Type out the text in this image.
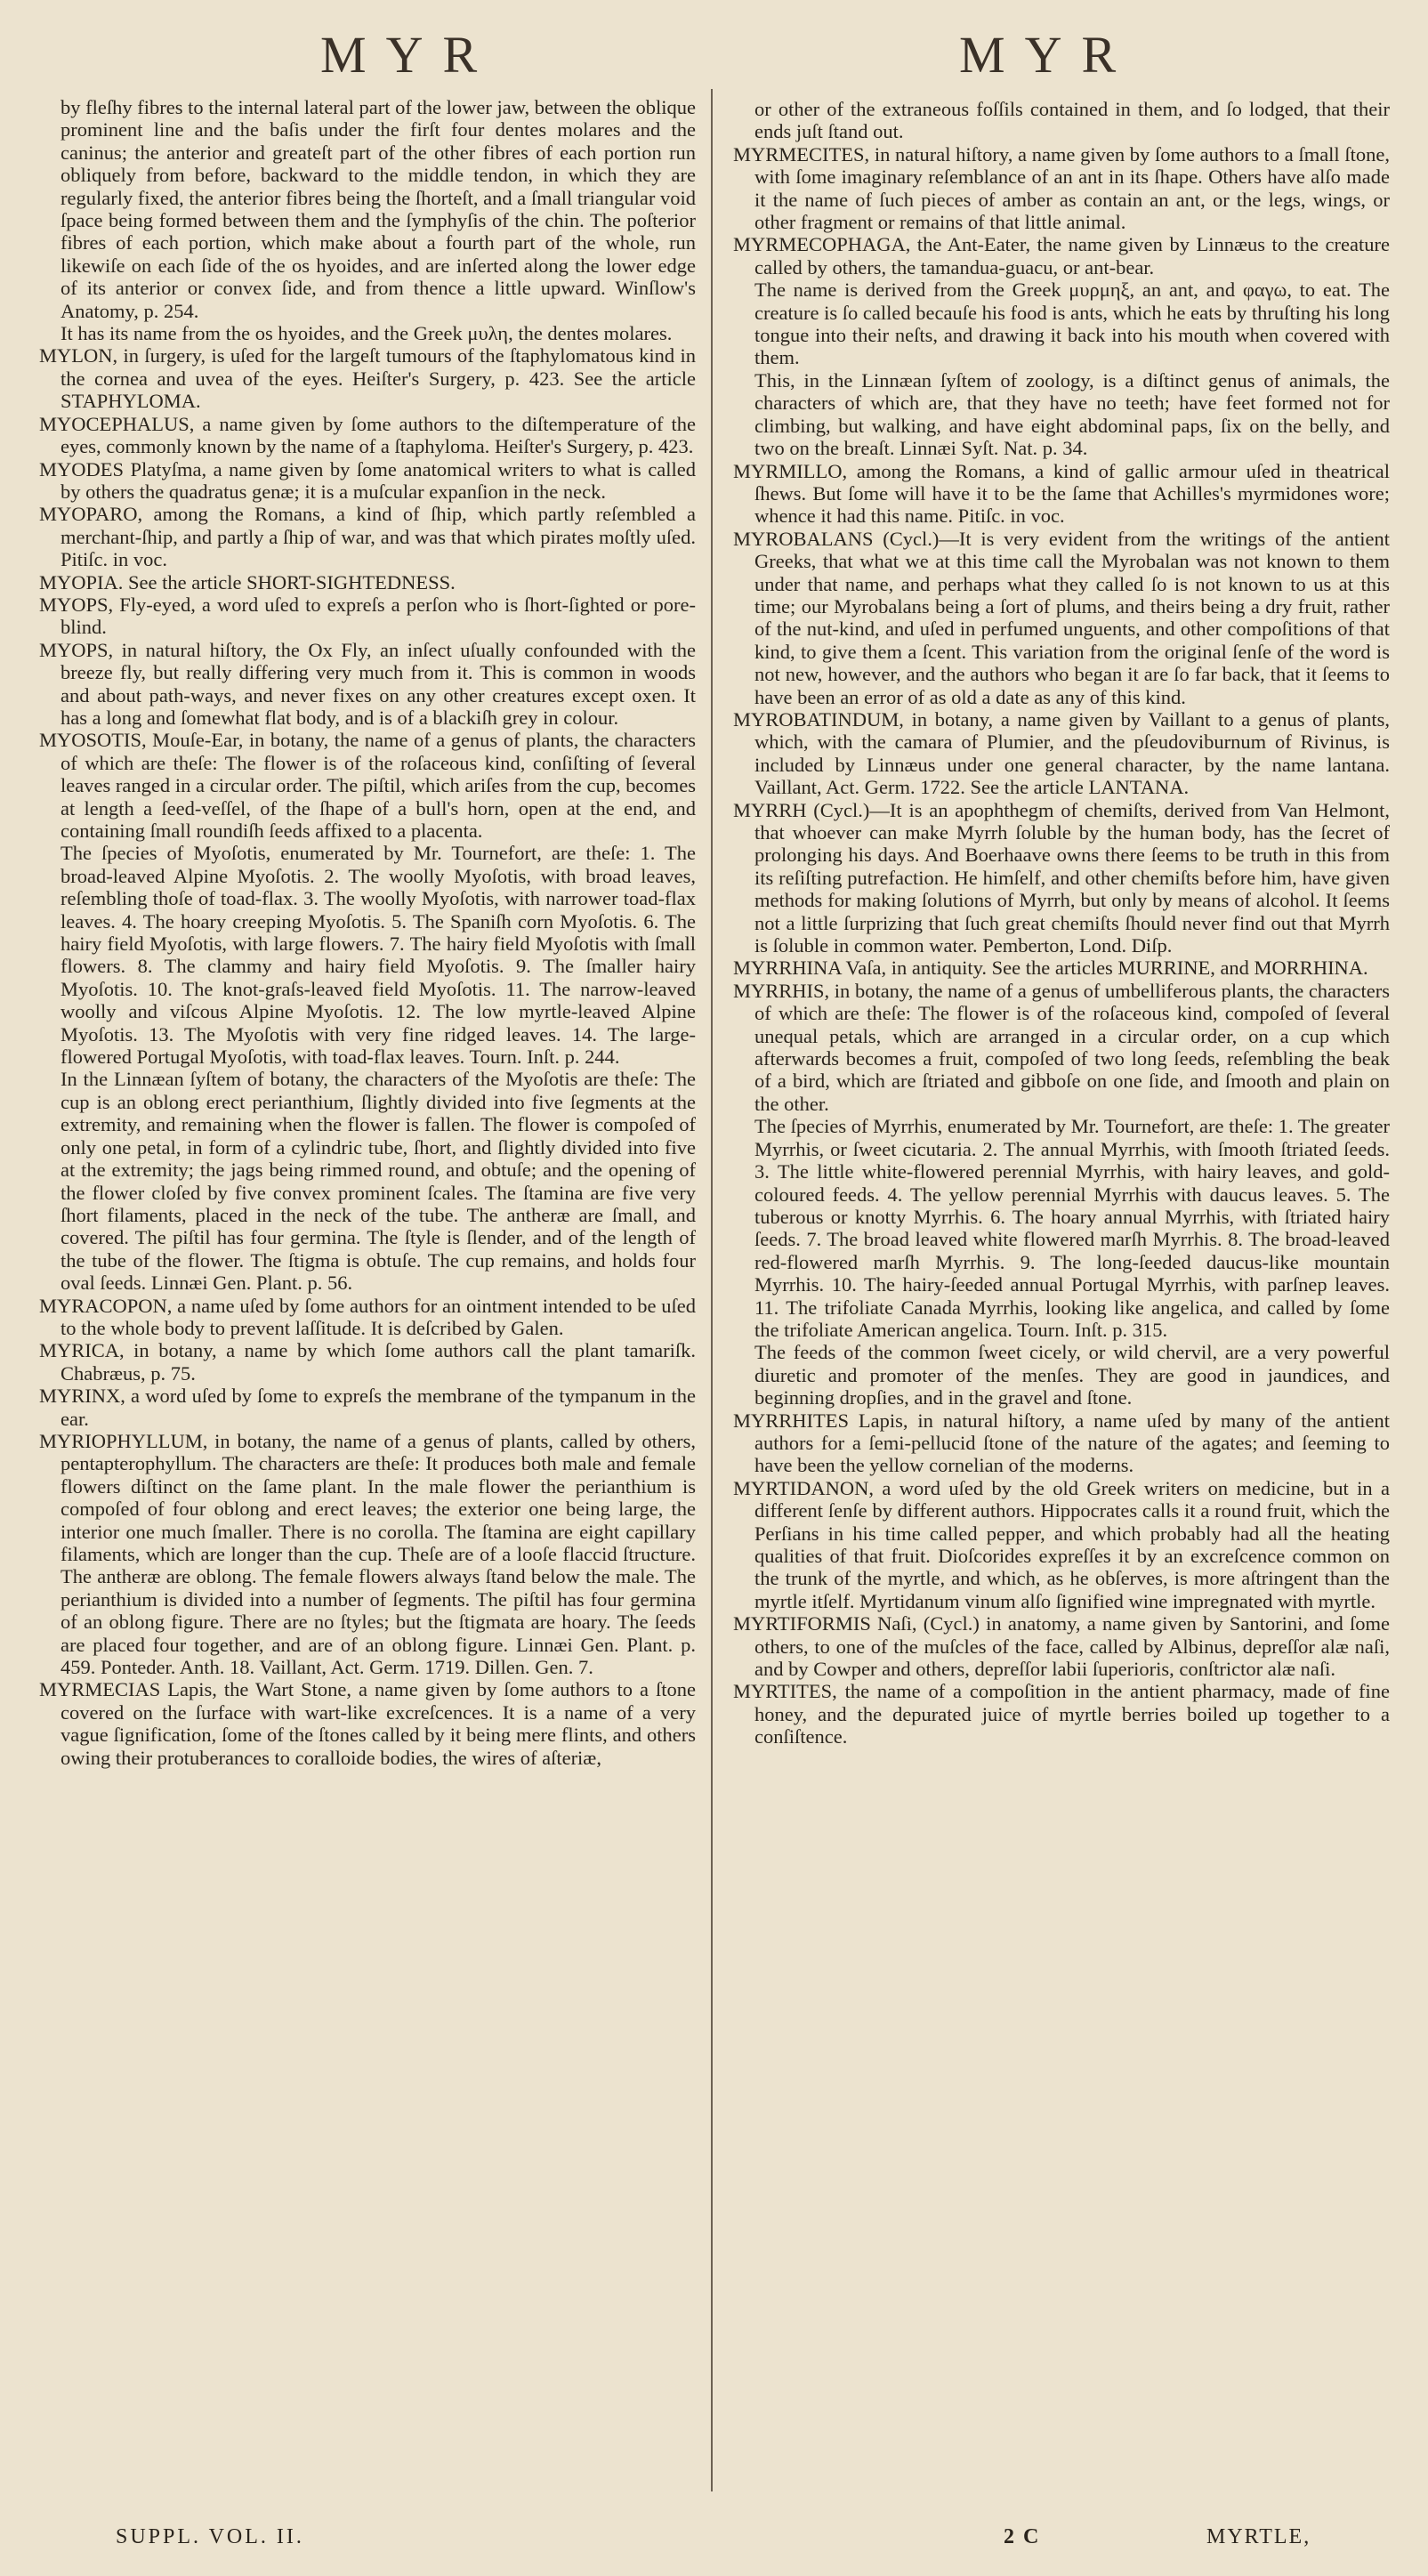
MYR	MYR

by fleſhy fibres to the internal lateral part of the lower jaw, between the oblique prominent line and the baſis under the firſt four dentes molares and the caninus; the anterior and greateſt part of the other fibres of each portion run obliquely from before, backward to the middle tendon, in which they are regularly fixed, the anterior fibres being the ſhorteſt, and a ſmall triangular void ſpace being formed between them and the ſymphyſis of the chin. The poſterior fibres of each portion, which make about a fourth part of the whole, run likewiſe on each ſide of the os hyoides, and are inſerted along the lower edge of its anterior or convex ſide, and from thence a little upward. Winſlow's Anatomy, p. 254.

It has its name from the os hyoides, and the Greek μυλη, the dentes molares.

MYLON, in ſurgery, is uſed for the largeſt tumours of the ſtaphylomatous kind in the cornea and uvea of the eyes. Heiſter's Surgery, p. 423. See the article STAPHYLOMA.

MYOCEPHALUS, a name given by ſome authors to the diſtemperature of the eyes, commonly known by the name of a ſtaphyloma. Heiſter's Surgery, p. 423.

MYODES Platyſma, a name given by ſome anatomical writers to what is called by others the quadratus genæ; it is a muſcular expanſion in the neck.

MYOPARO, among the Romans, a kind of ſhip, which partly reſembled a merchant-ſhip, and partly a ſhip of war, and was that which pirates moſtly uſed. Pitiſc. in voc.

MYOPIA. See the article SHORT-SIGHTEDNESS.

MYOPS, Fly-eyed, a word uſed to expreſs a perſon who is ſhort-ſighted or pore-blind.

MYOPS, in natural hiſtory, the Ox Fly, an inſect uſually confounded with the breeze fly, but really differing very much from it. This is common in woods and about path-ways, and never fixes on any other creatures except oxen. It has a long and ſomewhat flat body, and is of a blackiſh grey in colour.

MYOSOTIS, Mouſe-Ear, in botany, the name of a genus of plants, the characters of which are theſe: The flower is of the roſaceous kind, conſiſting of ſeveral leaves ranged in a circular order. The piſtil, which ariſes from the cup, becomes at length a ſeed-veſſel, of the ſhape of a bull's horn, open at the end, and containing ſmall roundiſh ſeeds affixed to a placenta.

The ſpecies of Myoſotis, enumerated by Mr. Tournefort, are theſe: 1. The broad-leaved Alpine Myoſotis. 2. The woolly Myoſotis, with broad leaves, reſembling thoſe of toad-flax. 3. The woolly Myoſotis, with narrower toad-flax leaves. 4. The hoary creeping Myoſotis. 5. The Spaniſh corn Myoſotis. 6. The hairy field Myoſotis, with large flowers. 7. The hairy field Myoſotis with ſmall flowers. 8. The clammy and hairy field Myoſotis. 9. The ſmaller hairy Myoſotis. 10. The knot-graſs-leaved field Myoſotis. 11. The narrow-leaved woolly and viſcous Alpine Myoſotis. 12. The low myrtle-leaved Alpine Myoſotis. 13. The Myoſotis with very fine ridged leaves. 14. The large-flowered Portugal Myoſotis, with toad-flax leaves. Tourn. Inſt. p. 244.

In the Linnæan ſyſtem of botany, the characters of the Myoſotis are theſe: The cup is an oblong erect perianthium, ſlightly divided into five ſegments at the extremity, and remaining when the flower is fallen. The flower is compoſed of only one petal, in form of a cylindric tube, ſhort, and ſlightly divided into five at the extremity; the jags being rimmed round, and obtuſe; and the opening of the flower cloſed by five convex prominent ſcales. The ſtamina are five very ſhort filaments, placed in the neck of the tube. The antheræ are ſmall, and covered. The piſtil has four germina. The ſtyle is ſlender, and of the length of the tube of the flower. The ſtigma is obtuſe. The cup remains, and holds four oval ſeeds. Linnæi Gen. Plant. p. 56.

MYRACOPON, a name uſed by ſome authors for an ointment intended to be uſed to the whole body to prevent laſſitude. It is deſcribed by Galen.

MYRICA, in botany, a name by which ſome authors call the plant tamariſk. Chabræus, p. 75.

MYRINX, a word uſed by ſome to expreſs the membrane of the tympanum in the ear.

MYRIOPHYLLUM, in botany, the name of a genus of plants, called by others, pentapterophyllum. The characters are theſe: It produces both male and female flowers diſtinct on the ſame plant. In the male flower the perianthium is compoſed of four oblong and erect leaves; the exterior one being large, the interior one much ſmaller. There is no corolla. The ſtamina are eight capillary filaments, which are longer than the cup. Theſe are of a looſe flaccid ſtructure. The antheræ are oblong. The female flowers always ſtand below the male. The perianthium is divided into a number of ſegments. The piſtil has four germina of an oblong figure. There are no ſtyles; but the ſtigmata are hoary. The ſeeds are placed four together, and are of an oblong figure. Linnæi Gen. Plant. p. 459. Ponteder. Anth. 18. Vaillant, Act. Germ. 1719. Dillen. Gen. 7.

MYRMECIAS Lapis, the Wart Stone, a name given by ſome authors to a ſtone covered on the ſurface with wart-like excreſcences. It is a name of a very vague ſignification, ſome of the ſtones called by it being mere flints, and others owing their protuberances to coralloide bodies, the wires of aſteriæ,

or other of the extraneous foſſils contained in them, and ſo lodged, that their ends juſt ſtand out.

MYRMECITES, in natural hiſtory, a name given by ſome authors to a ſmall ſtone, with ſome imaginary reſemblance of an ant in its ſhape. Others have alſo made it the name of ſuch pieces of amber as contain an ant, or the legs, wings, or other fragment or remains of that little animal.

MYRMECOPHAGA, the Ant-Eater, the name given by Linnæus to the creature called by others, the tamandua-guacu, or ant-bear.

The name is derived from the Greek μυρμηξ, an ant, and φαγω, to eat. The creature is ſo called becauſe his food is ants, which he eats by thruſting his long tongue into their neſts, and drawing it back into his mouth when covered with them.

This, in the Linnæan ſyſtem of zoology, is a diſtinct genus of animals, the characters of which are, that they have no teeth; have feet formed not for climbing, but walking, and have eight abdominal paps, ſix on the belly, and two on the breaſt. Linnæi Syſt. Nat. p. 34.

MYRMILLO, among the Romans, a kind of gallic armour uſed in theatrical ſhews. But ſome will have it to be the ſame that Achilles's myrmidones wore; whence it had this name. Pitiſc. in voc.

MYROBALANS (Cycl.)—It is very evident from the writings of the antient Greeks, that what we at this time call the Myrobalan was not known to them under that name, and perhaps what they called ſo is not known to us at this time; our Myrobalans being a ſort of plums, and theirs being a dry fruit, rather of the nut-kind, and uſed in perfumed unguents, and other compoſitions of that kind, to give them a ſcent. This variation from the original ſenſe of the word is not new, however, and the authors who began it are ſo far back, that it ſeems to have been an error of as old a date as any of this kind.

MYROBATINDUM, in botany, a name given by Vaillant to a genus of plants, which, with the camara of Plumier, and the pſeudoviburnum of Rivinus, is included by Linnæus under one general character, by the name lantana. Vaillant, Act. Germ. 1722. See the article LANTANA.

MYRRH (Cycl.)—It is an apophthegm of chemiſts, derived from Van Helmont, that whoever can make Myrrh ſoluble by the human body, has the ſecret of prolonging his days. And Boerhaave owns there ſeems to be truth in this from its reſiſting putrefaction. He himſelf, and other chemiſts before him, have given methods for making ſolutions of Myrrh, but only by means of alcohol. It ſeems not a little ſurprizing that ſuch great chemiſts ſhould never find out that Myrrh is ſoluble in common water. Pemberton, Lond. Diſp.

MYRRHINA Vaſa, in antiquity. See the articles MURRINE, and MORRHINA.

MYRRHIS, in botany, the name of a genus of umbelliferous plants, the characters of which are theſe: The flower is of the roſaceous kind, compoſed of ſeveral unequal petals, which are arranged in a circular order, on a cup which afterwards becomes a fruit, compoſed of two long ſeeds, reſembling the beak of a bird, which are ſtriated and gibboſe on one ſide, and ſmooth and plain on the other.

The ſpecies of Myrrhis, enumerated by Mr. Tournefort, are theſe: 1. The greater Myrrhis, or ſweet cicutaria. 2. The annual Myrrhis, with ſmooth ſtriated ſeeds. 3. The little white-flowered perennial Myrrhis, with hairy leaves, and gold-coloured feeds. 4. The yellow perennial Myrrhis with daucus leaves. 5. The tuberous or knotty Myrrhis. 6. The hoary annual Myrrhis, with ſtriated hairy ſeeds. 7. The broad leaved white flowered marſh Myrrhis. 8. The broad-leaved red-flowered marſh Myrrhis. 9. The long-ſeeded daucus-like mountain Myrrhis. 10. The hairy-ſeeded annual Portugal Myrrhis, with parſnep leaves. 11. The trifoliate Canada Myrrhis, looking like angelica, and called by ſome the trifoliate American angelica. Tourn. Inſt. p. 315.

The feeds of the common ſweet cicely, or wild chervil, are a very powerful diuretic and promoter of the menſes. They are good in jaundices, and beginning dropſies, and in the gravel and ſtone.

MYRRHITES Lapis, in natural hiſtory, a name uſed by many of the antient authors for a ſemi-pellucid ſtone of the nature of the agates; and ſeeming to have been the yellow cornelian of the moderns.

MYRTIDANON, a word uſed by the old Greek writers on medicine, but in a different ſenſe by different authors. Hippocrates calls it a round fruit, which the Perſians in his time called pepper, and which probably had all the heating qualities of that fruit. Dioſcorides expreſſes it by an excreſcence common on the trunk of the myrtle, and which, as he obſerves, is more aſtringent than the myrtle itſelf. Myrtidanum vinum alſo ſignified wine impregnated with myrtle.

MYRTIFORMIS Naſi, (Cycl.) in anatomy, a name given by Santorini, and ſome others, to one of the muſcles of the face, called by Albinus, depreſſor alæ naſi, and by Cowper and others, depreſſor labii ſuperioris, conſtrictor alæ naſi.

MYRTITES, the name of a compoſition in the antient pharmacy, made of fine honey, and the depurated juice of myrtle berries boiled up together to a conſiſtence.

SUPPL. VOL. II.	2 C	MYRTLE,
